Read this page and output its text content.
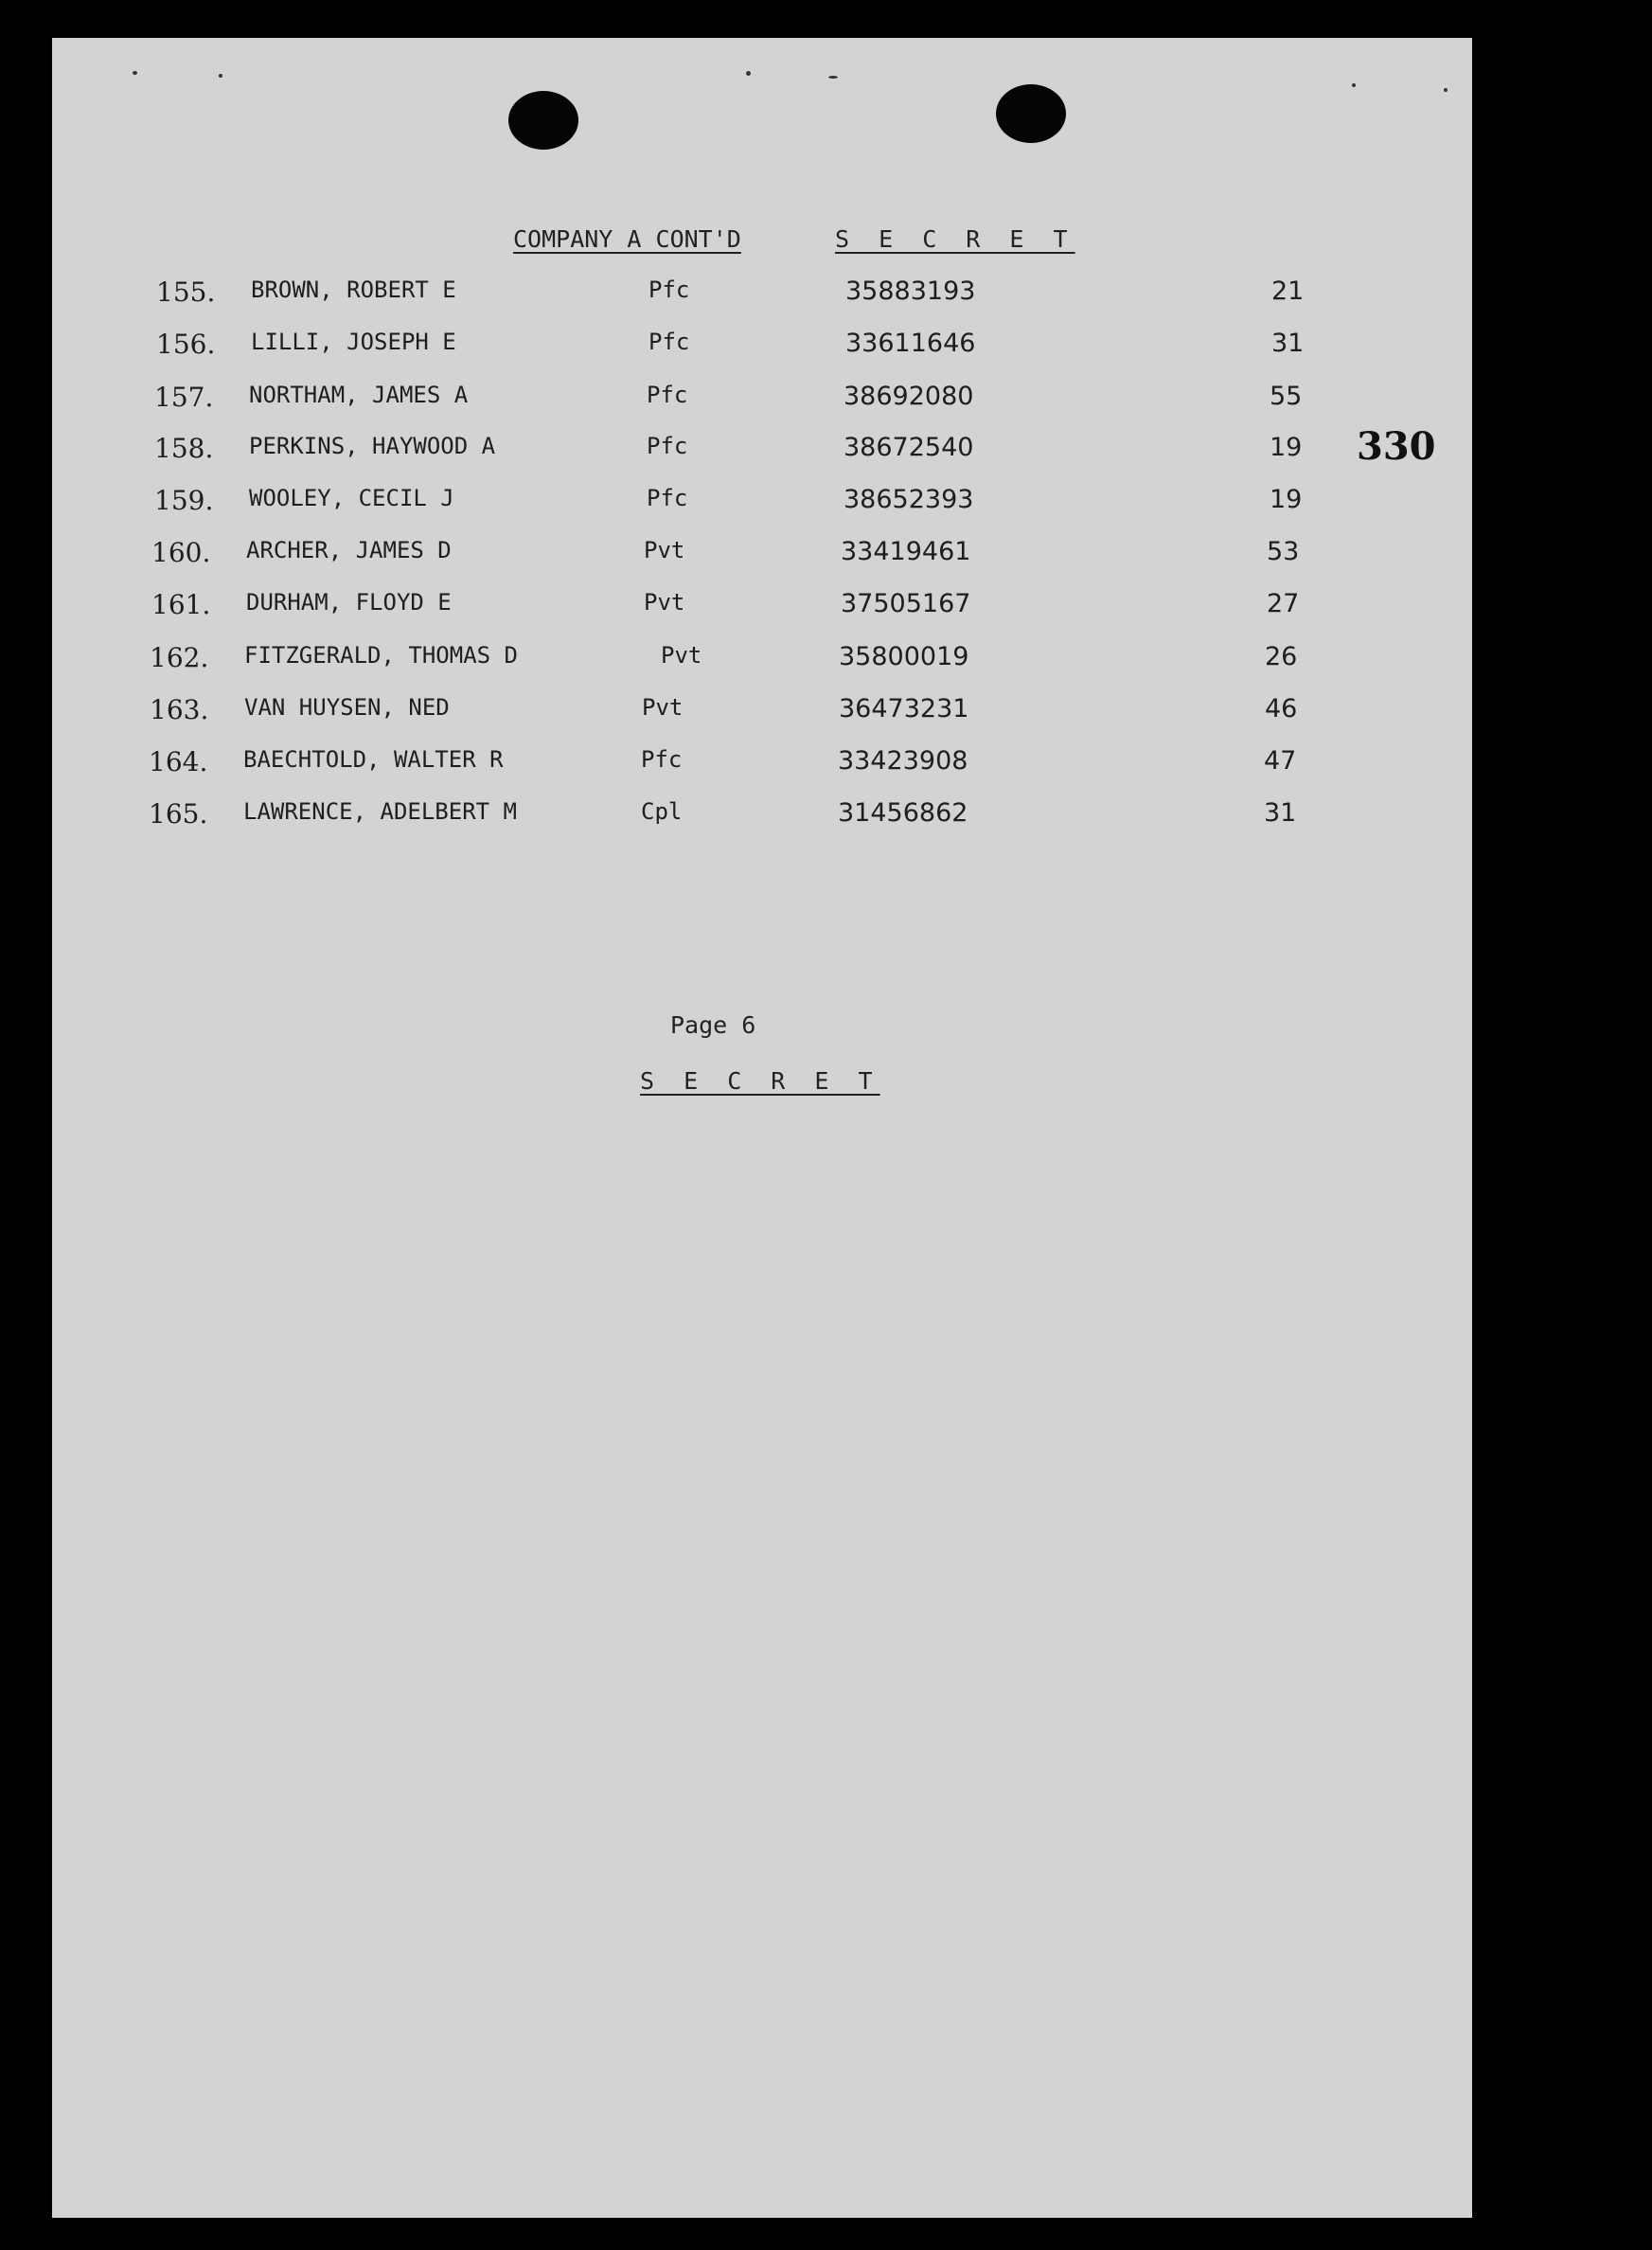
COMPANY A CONT'D	S E C R E T
155. BROWN, ROBERT E	Pfc	35883193	21
156. LILLI, JOSEPH E	Pfc	33611646	31
157. NORTHAM, JAMES A	Pfc	38692080	55
158. PERKINS, HAYWOOD A	Pfc	38672540	19
159. WOOLEY, CECIL J	Pfc	38652393	19
160. ARCHER, JAMES D	Pvt	33419461	53
161. DURHAM, FLOYD E	Pvt	37505167	27
162. FITZGERALD, THOMAS D	Pvt	35800019	26
163. VAN HUYSEN, NED	Pvt	36473231	46
164. BAECHTOLD, WALTER R	Pfc	33423908	47
165. LAWRENCE, ADELBERT M	Cpl	31456862	31
330
Page 6
S E C R E T
